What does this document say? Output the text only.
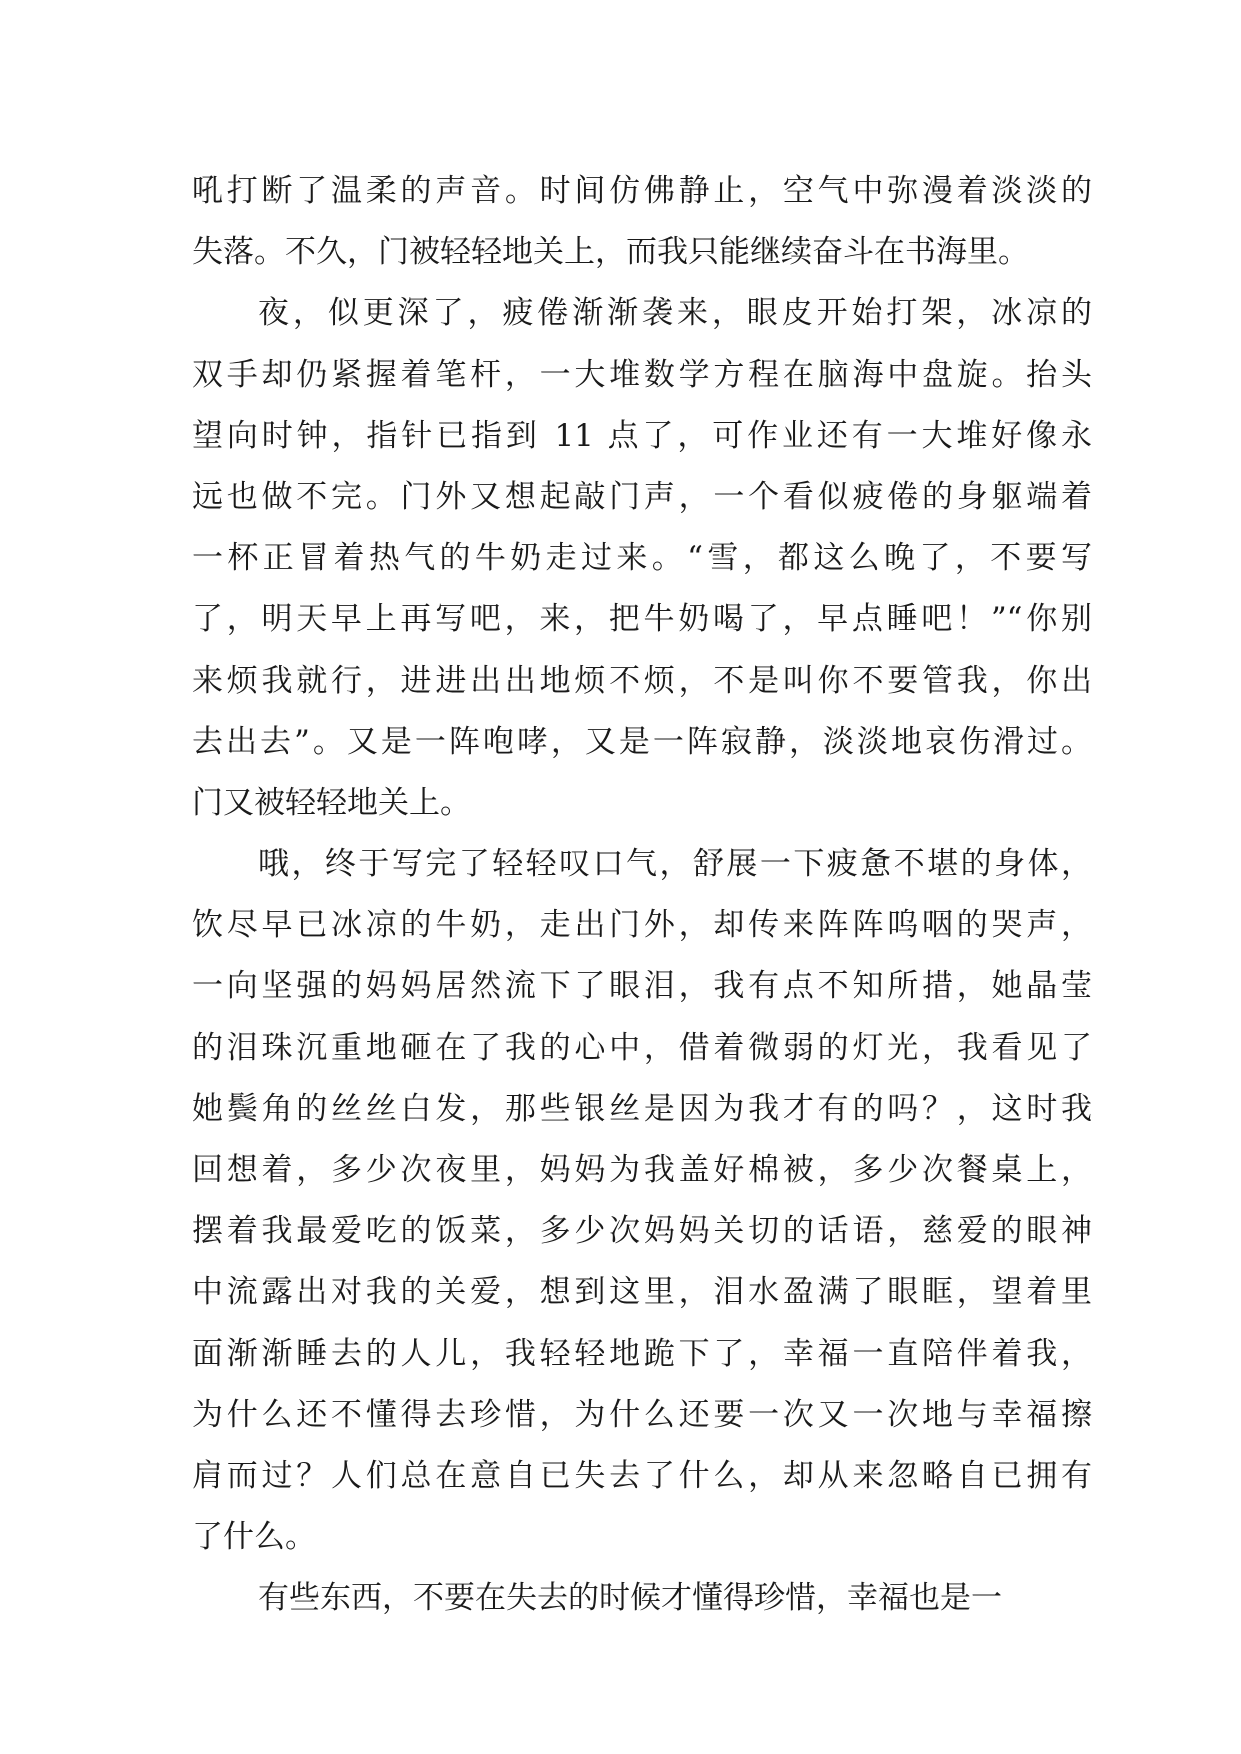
吼打断了温柔的声音。时间仿佛静止，空气中弥漫着淡淡的
失落。不久，门被轻轻地关上，而我只能继续奋斗在书海里。
夜，似更深了，疲倦渐渐袭来，眼皮开始打架，冰凉的
双手却仍紧握着笔杆，一大堆数学方程在脑海中盘旋。抬头
望向时钟，指针已指到 11 点了，可作业还有一大堆好像永
远也做不完。门外又想起敲门声，一个看似疲倦的身躯端着
一杯正冒着热气的牛奶走过来。“雪，都这么晚了，不要写
了，明天早上再写吧，来，把牛奶喝了，早点睡吧！”“你别
来烦我就行，进进出出地烦不烦，不是叫你不要管我，你出
去出去”。又是一阵咆哮，又是一阵寂静，淡淡地哀伤滑过。
门又被轻轻地关上。
哦，终于写完了轻轻叹口气，舒展一下疲惫不堪的身体，
饮尽早已冰凉的牛奶，走出门外，却传来阵阵呜咽的哭声，
一向坚强的妈妈居然流下了眼泪，我有点不知所措，她晶莹
的泪珠沉重地砸在了我的心中，借着微弱的灯光，我看见了
她鬓角的丝丝白发，那些银丝是因为我才有的吗？，这时我
回想着，多少次夜里，妈妈为我盖好棉被，多少次餐桌上，
摆着我最爱吃的饭菜，多少次妈妈关切的话语，慈爱的眼神
中流露出对我的关爱，想到这里，泪水盈满了眼眶，望着里
面渐渐睡去的人儿，我轻轻地跪下了，幸福一直陪伴着我，
为什么还不懂得去珍惜，为什么还要一次又一次地与幸福擦
肩而过？人们总在意自已失去了什么，却从来忽略自已拥有
了什么。
有些东西，不要在失去的时候才懂得珍惜，幸福也是一
